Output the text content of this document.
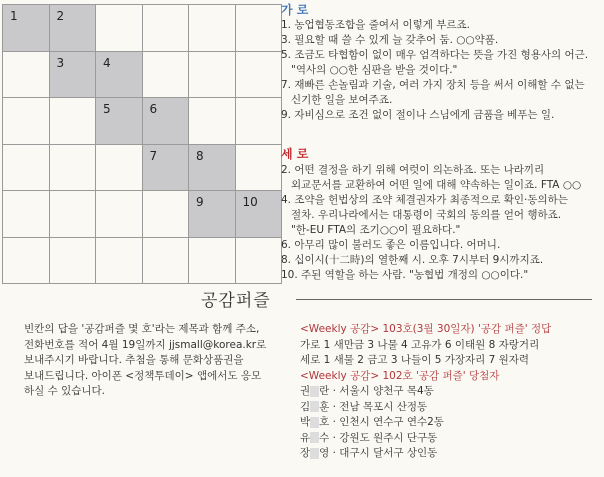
1	2
3	4
5	6
7	8
9	10
공감퍼즐
가 로
1. 농업협동조합을 줄여서 이렇게 부르죠.
3. 필요할 때 쓸 수 있게 늘 갖추어 둠. ○○약품.
5. 조금도 타협함이 없이 매우 엄격하다는 뜻을 가진 형용사의 어근.
"역사의 ○○한 심판을 받을 것이다."
7. 재빠른 손놀림과 기술, 여러 가지 장치 등을 써서 이해할 수 없는
신기한 일을 보여주죠.
9. 자비심으로 조건 없이 절이나 스님에게 금품을 베푸는 일.
세 로
2. 어떤 결정을 하기 위해 여럿이 의논하죠. 또는 나라끼리
외교문서를 교환하여 어떤 일에 대해 약속하는 일이죠. FTA ○○
4. 조약을 헌법상의 조약 체결권자가 최종적으로 확인·동의하는
절차. 우리나라에서는 대통령이 국회의 동의를 얻어 행하죠.
"한-EU FTA의 조기○○이 필요하다."
6. 아무리 많이 불러도 좋은 이름입니다. 어머니.
8. 십이시(十二時)의 열한째 시. 오후 7시부터 9시까지죠.
10. 주된 역할을 하는 사람. "농협법 개정의 ○○이다."
빈칸의 답을 '공감퍼즐 몇 호'라는 제목과 함께 주소,
전화번호를 적어 4월 19일까지 jjsmall@korea.kr로
보내주시기 바랍니다. 추첨을 통해 문화상품권을
보내드립니다. 아이폰 <정책투데이> 앱에서도 응모
하실 수 있습니다.
<Weekly 공감> 103호(3월 30일자) '공감 퍼즐' 정답
가로 1 새만금 3 나물 4 고유가 6 이태원 8 자랑거리
세로 1 새물 2 금고 3 나들이 5 가장자리 7 원자력
<Weekly 공감> 102호 '공감 퍼즐' 당첨자
권 란 · 서울시 양천구 목4동
김 훈 · 전남 목포시 산정동
박 호 · 인천시 연수구 연수2동
유 수 · 강원도 원주시 단구동
장 영 · 대구시 달서구 상인동
